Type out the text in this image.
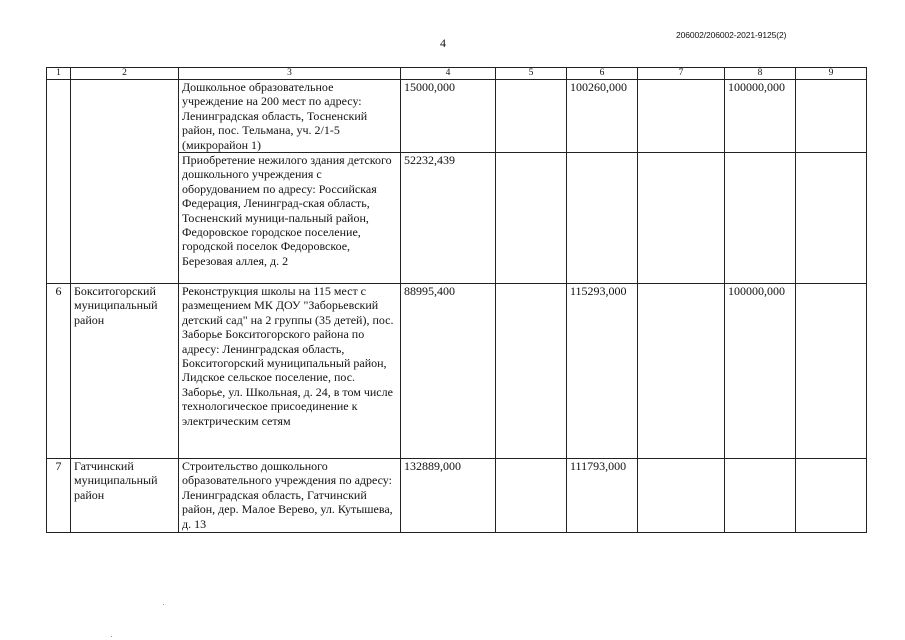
4
206002/206002-2021-9125(2)
1	2	3	4	5	6	7	8	9
		Дошкольное образовательное учреждение на 200 мест по адресу: Ленинградская область, Тосненский район, пос. Тельмана, уч. 2/1-5 (микрорайон 1)	15000,000		100260,000		100000,000	
		Приобретение нежилого здания детского дошкольного учреждения с оборудованием по адресу: Российская Федерация, Ленинград-ская область, Тосненский муници-пальный район, Федоровское городское поселение, городской поселок Федоровское, Березовая аллея, д. 2	52232,439					
6	Бокситогорский муниципальный район	Реконструкция школы на 115 мест с размещением МК ДОУ "Заборьевский детский сад" на 2 группы (35 детей), пос. Заборье Бокситогорского района по адресу: Ленинградская область, Бокситогорский муниципальный район, Лидское сельское поселение, пос. Заборье, ул. Школьная, д. 24, в том числе технологическое присоединение к электрическим сетям	88995,400		115293,000		100000,000	
7	Гатчинский муниципальный район	Строительство дошкольного образовательного учреждения по адресу: Ленинградская область, Гатчинский район, дер. Малое Верево, ул. Кутышева, д. 13	132889,000		111793,000			
